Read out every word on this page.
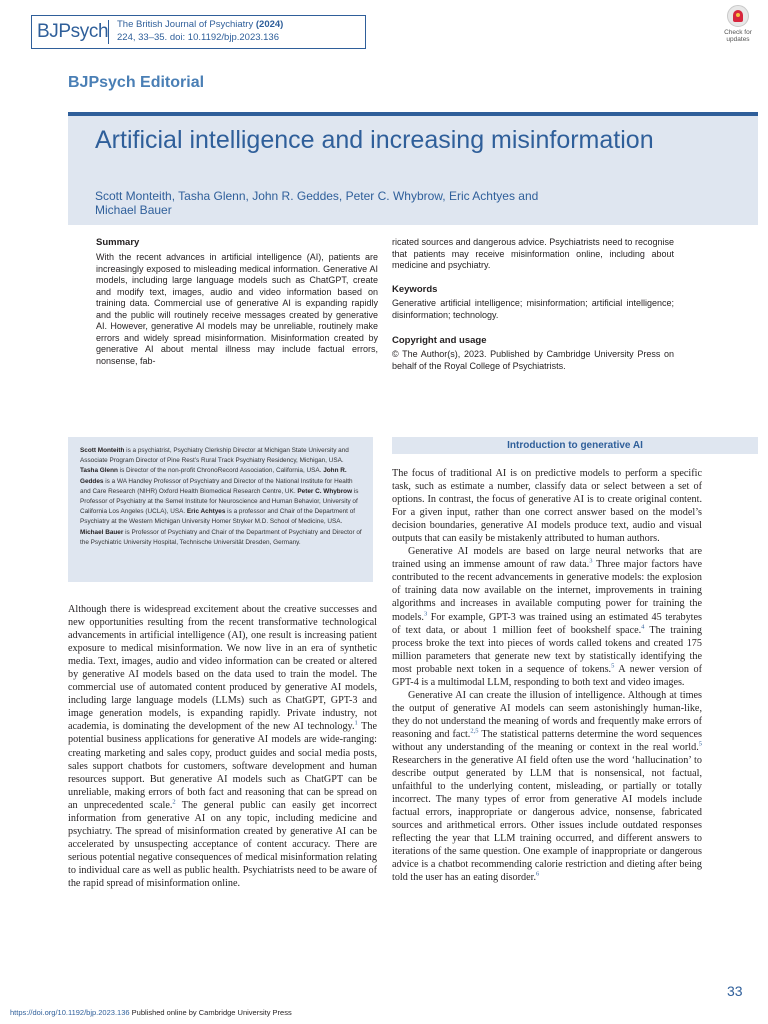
BJPsych The British Journal of Psychiatry (2024)
224, 33–35. doi: 10.1192/bjp.2023.136	Check for updates
BJPsych Editorial
Artificial intelligence and increasing misinformation
Scott Monteith, Tasha Glenn, John R. Geddes, Peter C. Whybrow, Eric Achtyes and Michael Bauer
Summary
With the recent advances in artificial intelligence (AI), patients are increasingly exposed to misleading medical information. Generative AI models, including large language models such as ChatGPT, create and modify text, images, audio and video information based on training data. Commercial use of generative AI is expanding rapidly and the public will routinely receive messages created by generative AI. However, generative AI models may be unreliable, routinely make errors and widely spread misinformation. Misinformation created by generative AI about mental illness may include factual errors, nonsense, fab-
ricated sources and dangerous advice. Psychiatrists need to recognise that patients may receive misinformation online, including about medicine and psychiatry.
Keywords
Generative artificial intelligence; misinformation; artificial intelligence; disinformation; technology.
Copyright and usage
© The Author(s), 2023. Published by Cambridge University Press on behalf of the Royal College of Psychiatrists.
Scott Monteith is a psychiatrist, Psychiatry Clerkship Director at Michigan State University and Associate Program Director of Pine Rest’s Rural Track Psychiatry Residency, Michigan, USA. Tasha Glenn is Director of the non-profit ChronoRecord Association, California, USA. John R. Geddes is a WA Handley Professor of Psychiatry and Director of the National Institute for Health and Care Research (NIHR) Oxford Health Biomedical Research Centre, UK. Peter C. Whybrow is Professor of Psychiatry at the Semel Institute for Neuroscience and Human Behavior, University of California Los Angeles (UCLA), USA. Eric Achtyes is a professor and Chair of the Department of Psychiatry at the Western Michigan University Homer Stryker M.D. School of Medicine, USA. Michael Bauer is Professor of Psychiatry and Chair of the Department of Psychiatry and Director of the Psychiatric University Hospital, Technische Universität Dresden, Germany.
Introduction to generative AI

Although there is widespread excitement about the creative successes and new opportunities resulting from the recent transformative technological advancements in artificial intelligence (AI), one result is increasing patient exposure to medical misinformation. We now live in an era of synthetic media. Text, images, audio and video information can be created or altered by generative AI models based on the data used to train the model. The commercial use of automated content produced by generative AI models, including large language models (LLMs) such as ChatGPT, GPT-3 and image generation models, is expanding rapidly. Private industry, not academia, is dominating the development of the new AI technology.$^1$ The potential business applications for generative AI models are wide-ranging: creating marketing and sales copy, product guides and social media posts, sales support chatbots for customers, software development and human resources support. But generative AI models such as ChatGPT can be unreliable, making errors of both fact and reasoning that can be spread on an unprecedented scale.$^2$ The general public can easily get incorrect information from generative AI on any topic, including medicine and psychiatry. The spread of misinformation created by generative AI can be accelerated by unsuspecting acceptance of content accuracy. There are serious potential negative consequences of medical misinformation relating to individual care as well as public health. Psychiatrists need to be aware of the rapid spread of misinformation online.

The focus of traditional AI is on predictive models to perform a specific task, such as estimate a number, classify data or select between a set of options. In contrast, the focus of generative AI is to create original content. For a given input, rather than one correct answer based on the model’s decision boundaries, generative AI models produce text, audio and visual outputs that can easily be mistakenly attributed to human authors.

Generative AI models are based on large neural networks that are trained using an immense amount of raw data.$^3$ Three major factors have contributed to the recent advancements in generative models: the explosion of training data now available on the internet, improvements in training algorithms and increases in available computing power for training the models.$^3$ For example, GPT-3 was trained using an estimated 45 terabytes of text data, or about 1 million feet of bookshelf space.$^4$ The training process broke the text into pieces of words called tokens and created 175 million parameters that generate new text by statistically identifying the most probable next token in a sequence of tokens.$^5$ A newer version of GPT-4 is a multimodal LLM, responding to both text and video images.

Generative AI can create the illusion of intelligence. Although at times the output of generative AI models can seem astonishingly human-like, they do not understand the meaning of words and frequently make errors of reasoning and fact.$^{2,5}$ The statistical patterns determine the word sequences without any understanding of the meaning or context in the real world.$^5$ Researchers in the generative AI field often use the word ‘hallucination’ to describe output generated by LLM that is nonsensical, not factual, unfaithful to the underlying content, misleading, or partially or totally incorrect. The many types of error from generative AI models include factual errors, inappropriate or dangerous advice, nonsense, fabricated sources and arithmetical errors. Other issues include outdated responses reflecting the year that LLM training occurred, and different answers to iterations of the same question. One example of inappropriate or dangerous advice is a chatbot recommending calorie restriction and dieting after being told the user has an eating disorder.$^6$

33
https://doi.org/10.1192/bjp.2023.136 Published online by Cambridge University Press
